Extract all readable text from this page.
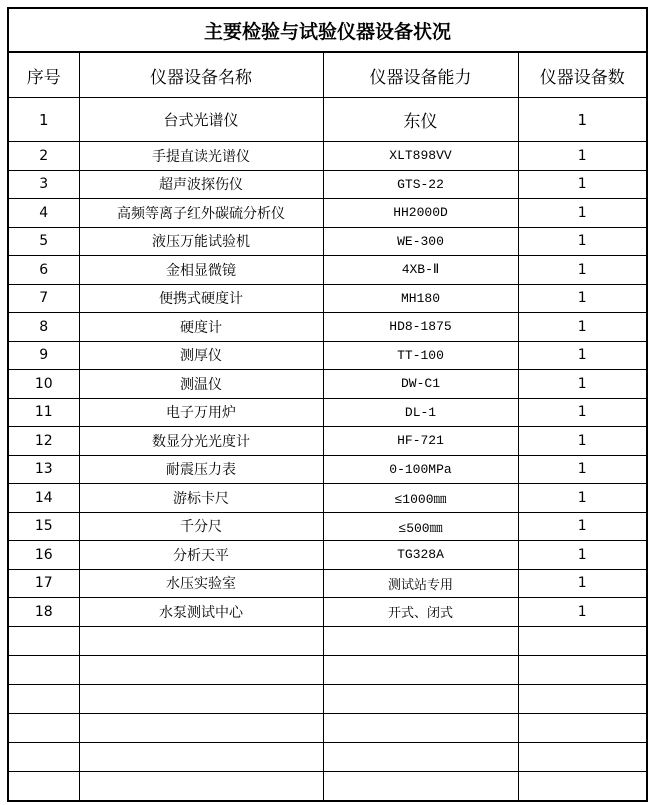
主要检验与试验仪器设备状况			
序号	仪器设备名称	仪器设备能力	仪器设备数
1	台式光谱仪	东仪	1
2	手提直读光谱仪	XLT898VV	1
3	超声波探伤仪	GTS-22	1
4	高频等离子红外碳硫分析仪	HH2000D	1
5	液压万能试验机	WE-300	1
6	金相显微镜	4XB-Ⅱ	1
7	便携式硬度计	MH180	1
8	硬度计	HD8-1875	1
9	测厚仪	TT-100	1
10	测温仪	DW-C1	1
11	电子万用炉	DL-1	1
12	数显分光光度计	HF-721	1
13	耐震压力表	0-100MPa	1
14	游标卡尺	≤1000㎜	1
15	千分尺	≤500㎜	1
16	分析天平	TG328A	1
17	水压实验室	测试站专用	1
18	水泵测试中心	开式、闭式	1
